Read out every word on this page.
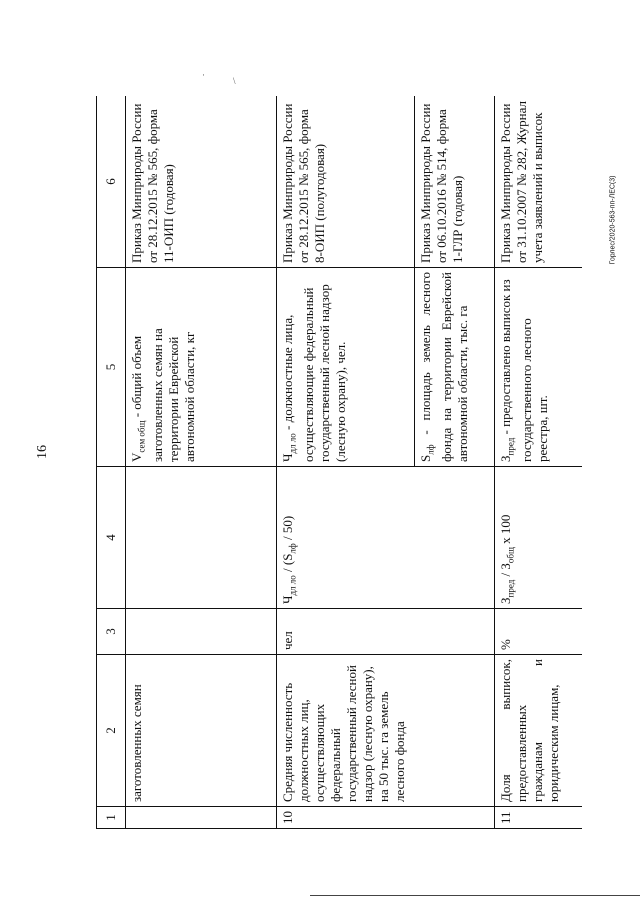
16
Горлес/2020-563-пп-ЛЕС(3)
·
\
1	2	3	4	5	6
	заготовленных семян			$V_{сем общ}$ - общий объем заготовленных семян на территории Еврейской автономной области, кг	Приказ Минприроды России от 28.12.2015 № 565, форма 11-ОИП (годовая)
10	Средняя численность должностных лиц, осуществляющих федеральный государственный лесной надзор (лесную охрану), на 50 тыс. га земель лесного фонда	чел	$Ч_{дл ло} / (S_{лф} / 50)$	$Ч_{дл ло}$ - должностные лица, осуществляющие федеральный государственный лесной надзор (лесную охрану), чел.	Приказ Минприроды России от 28.12.2015 № 565, форма 8-ОИП (полугодовая)
				$S_{лф}$ - площадь земель лесного фонда на территории Еврейской автономной области, тыс. га	Приказ Минприроды России от 06.10.2016 № 514, форма 1-ГЛР (годовая)
11	Доля выписок, предоставленных гражданам и юридическим лицам,	%	$З_{пред} / З_{общ}$ х 100	$З_{пред}$ - предоставлено выписок из государственного лесного реестра, шт.	Приказ Минприроды России от 31.10.2007 № 282, Журнал учета заявлений и выписок
